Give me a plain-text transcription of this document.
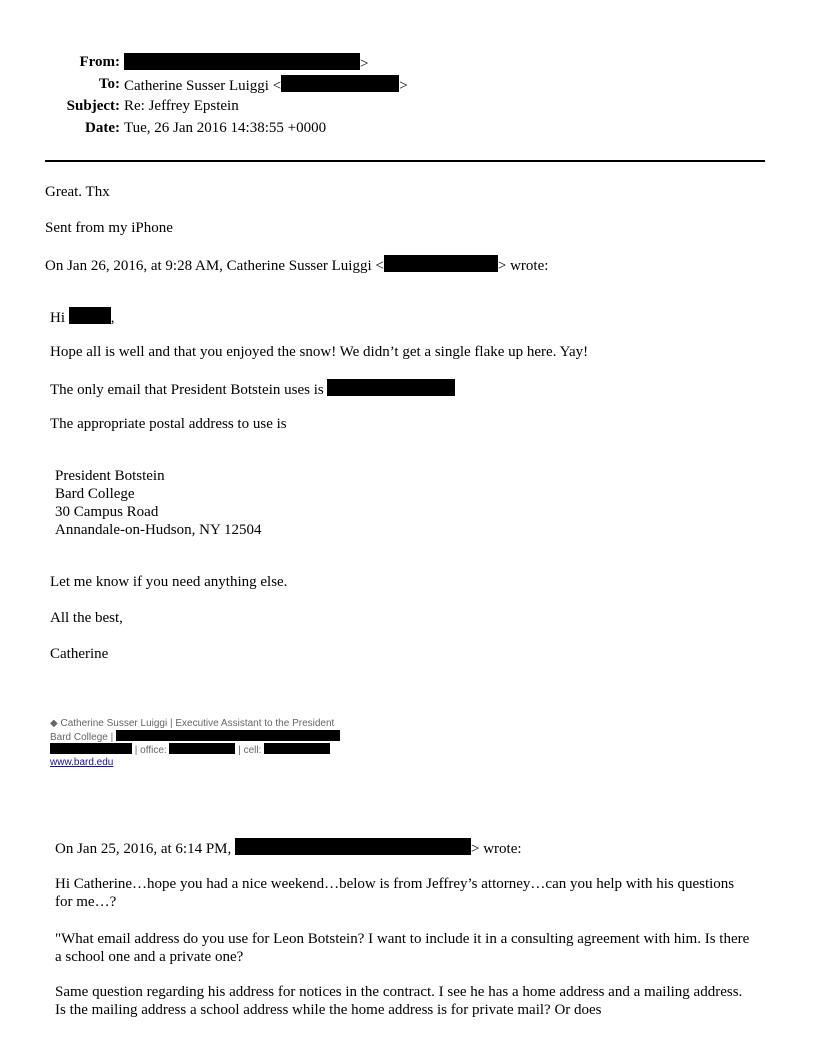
From:	>
To: Catherine Susser Luiggi <	>
Subject: Re: Jeffrey Epstein
Date: Tue, 26 Jan 2016 14:38:55 +0000
Great. Thx
Sent from my iPhone
On Jan 26, 2016, at 9:28 AM, Catherine Susser Luiggi <	> wrote:
Hi	,
Hope all is well and that you enjoyed the snow! We didn’t get a single flake up here. Yay!
The only email that President Botstein uses is
The appropriate postal address to use is
President Botstein
Bard College
30 Campus Road
Annandale-on-Hudson, NY 12504
Let me know if you need anything else.
All the best,
Catherine
◆ Catherine Susser Luiggi | Executive Assistant to the President
Bard College |
| office:	| cell:
www.bard.edu
On Jan 25, 2016, at 6:14 PM,	> wrote:
Hi Catherine…hope you had a nice weekend…below is from Jeffrey’s attorney…can you help with his questions for me…?
"What email address do you use for Leon Botstein? I want to include it in a consulting agreement with him. Is there a school one and a private one?
Same question regarding his address for notices in the contract. I see he has a home address and a mailing address. Is the mailing address a school address while the home address is for private mail? Or does
